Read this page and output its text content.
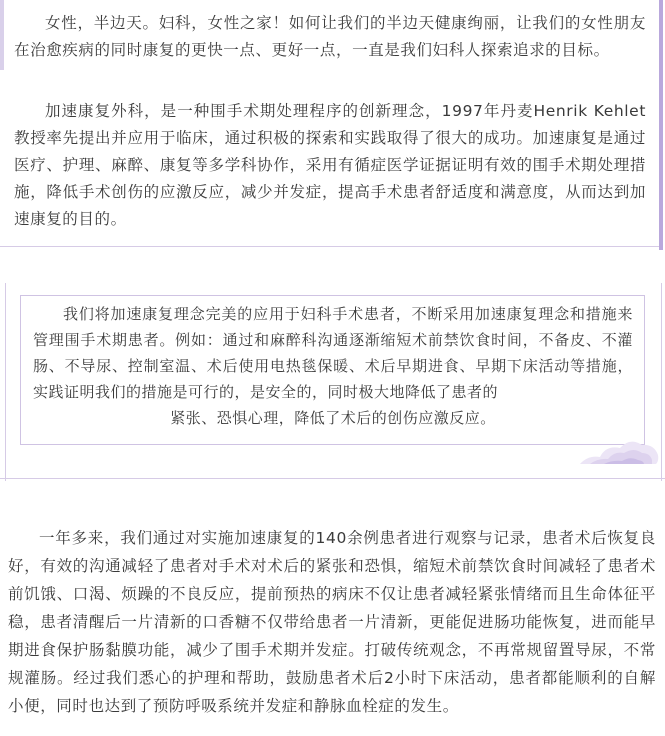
女性，半边天。妇科，女性之家！如何让我们的半边天健康绚丽，让我们的女性朋友在治愈疾病的同时康复的更快一点、更好一点，一直是我们妇科人探索追求的目标。

加速康复外科，是一种围手术期处理程序的创新理念，1997年丹麦Henrik Kehlet教授率先提出并应用于临床，通过积极的探索和实践取得了很大的成功。加速康复是通过医疗、护理、麻醉、康复等多学科协作，采用有循症医学证据证明有效的围手术期处理措施，降低手术创伤的应激反应，减少并发症，提高手术患者舒适度和满意度，从而达到加速康复的目的。

我们将加速康复理念完美的应用于妇科手术患者，不断采用加速康复理念和措施来管理围手术期患者。例如：通过和麻醉科沟通逐渐缩短术前禁饮食时间，不备皮、不灌肠、不导尿、控制室温、术后使用电热毯保暖、术后早期进食、早期下床活动等措施，实践证明我们的措施是可行的，是安全的，同时极大地降低了患者的
紧张、恐惧心理，降低了术后的创伤应激反应。

一年多来，我们通过对实施加速康复的140余例患者进行观察与记录，患者术后恢复良好，有效的沟通减轻了患者对手术对术后的紧张和恐惧，缩短术前禁饮食时间减轻了患者术前饥饿、口渴、烦躁的不良反应，提前预热的病床不仅让患者减轻紧张情绪而且生命体征平稳，患者清醒后一片清新的口香糖不仅带给患者一片清新，更能促进肠功能恢复，进而能早期进食保护肠黏膜功能，减少了围手术期并发症。打破传统观念，不再常规留置导尿，不常规灌肠。经过我们悉心的护理和帮助，鼓励患者术后2小时下床活动，患者都能顺利的自解小便，同时也达到了预防呼吸系统并发症和静脉血栓症的发生。
